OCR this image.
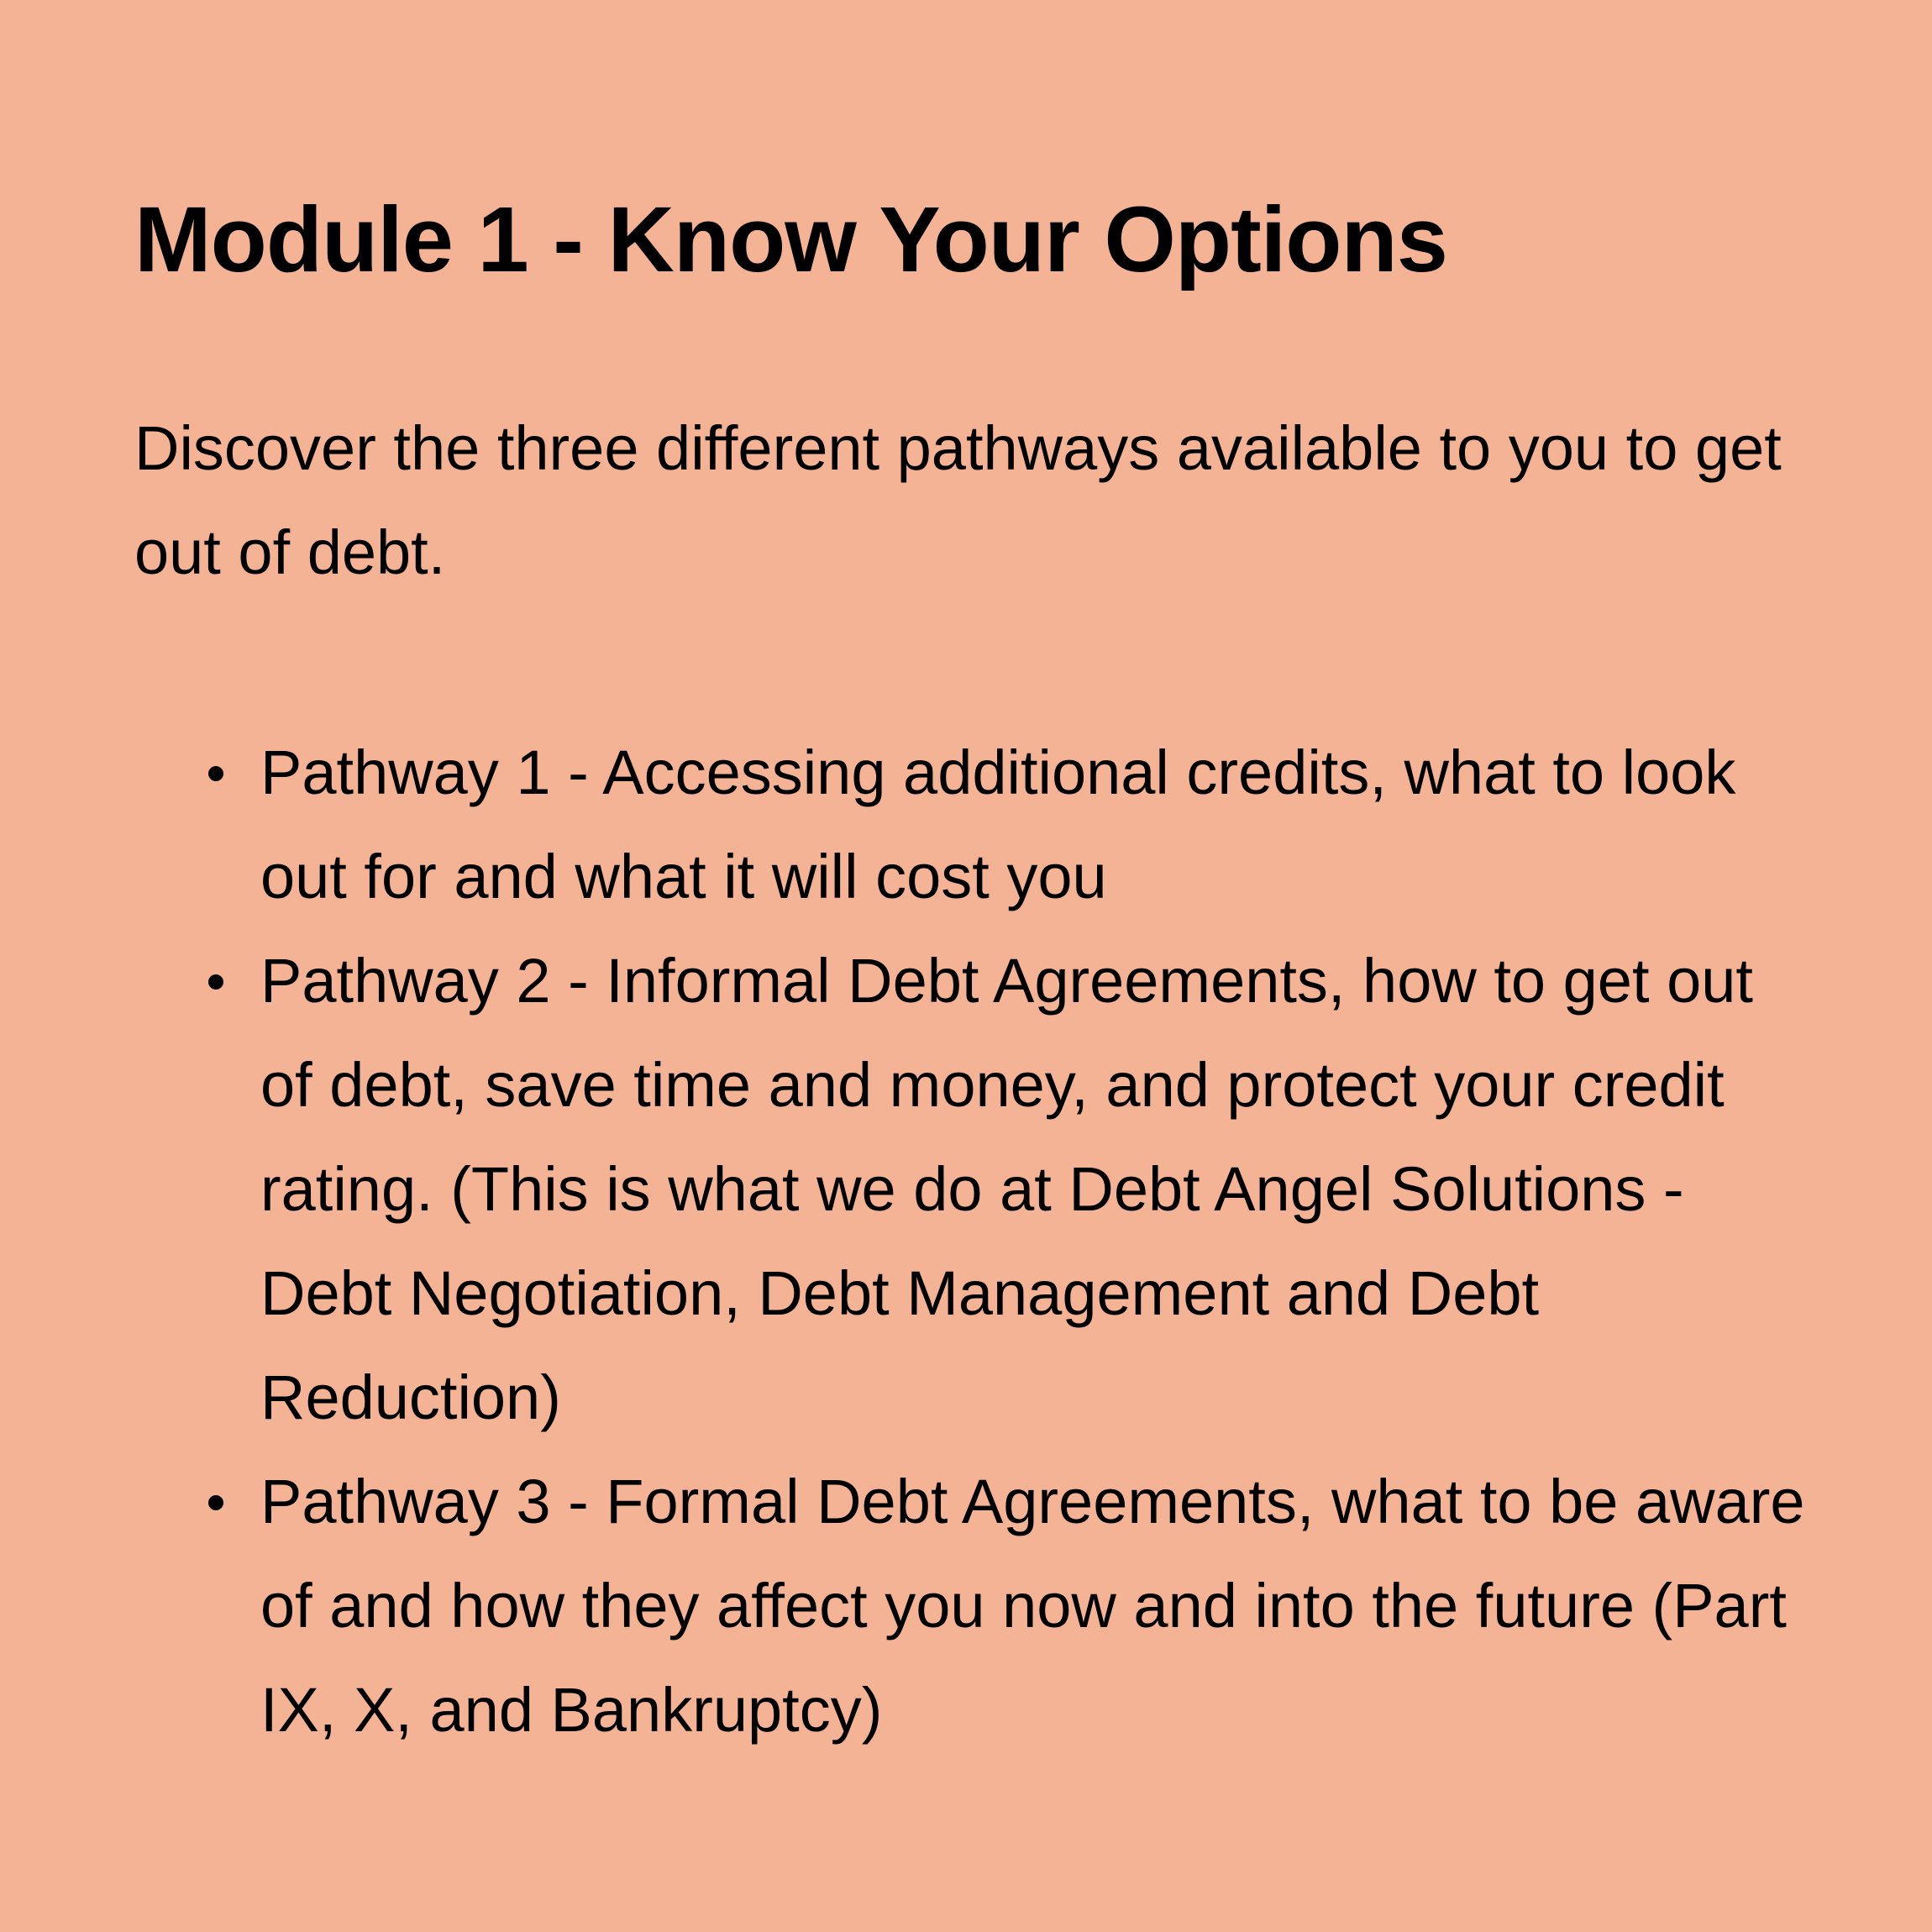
Module 1 - Know Your Options

Discover the three different pathways available to you to get out of debt.

Pathway 1 - Accessing additional credits, what to look out for and what it will cost you
Pathway 2 - Informal Debt Agreements, how to get out of debt, save time and money, and protect your credit rating. (This is what we do at Debt Angel Solutions -Debt Negotiation, Debt Management and Debt Reduction)
Pathway 3 - Formal Debt Agreements, what to be aware of and how they affect you now and into the future (Part IX, X, and Bankruptcy)
